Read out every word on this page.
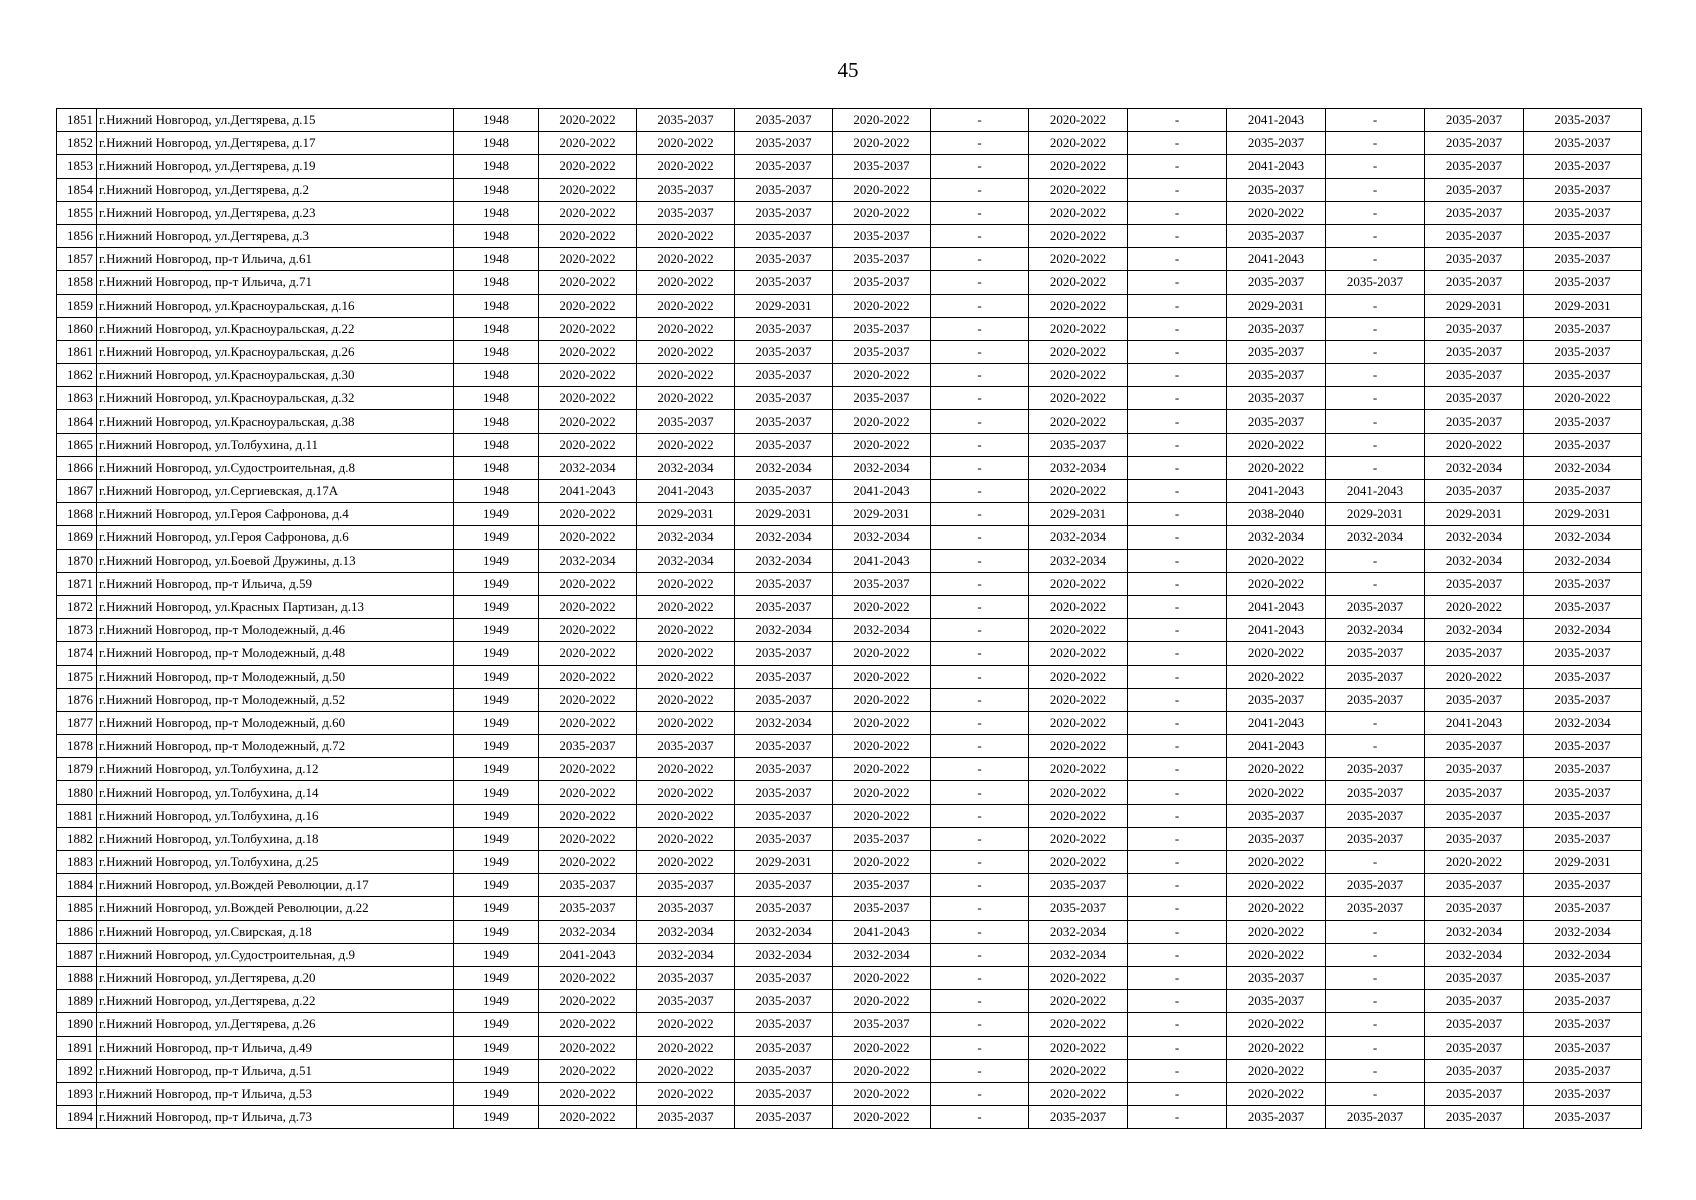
45
1851	г.Нижний Новгород, ул.Дегтярева, д.15	1948	2020-2022	2035-2037	2035-2037	2020-2022	-	2020-2022	-	2041-2043	-	2035-2037	2035-2037
1852	г.Нижний Новгород, ул.Дегтярева, д.17	1948	2020-2022	2020-2022	2035-2037	2020-2022	-	2020-2022	-	2035-2037	-	2035-2037	2035-2037
1853	г.Нижний Новгород, ул.Дегтярева, д.19	1948	2020-2022	2020-2022	2035-2037	2035-2037	-	2020-2022	-	2041-2043	-	2035-2037	2035-2037
1854	г.Нижний Новгород, ул.Дегтярева, д.2	1948	2020-2022	2035-2037	2035-2037	2020-2022	-	2020-2022	-	2035-2037	-	2035-2037	2035-2037
1855	г.Нижний Новгород, ул.Дегтярева, д.23	1948	2020-2022	2035-2037	2035-2037	2020-2022	-	2020-2022	-	2020-2022	-	2035-2037	2035-2037
1856	г.Нижний Новгород, ул.Дегтярева, д.3	1948	2020-2022	2020-2022	2035-2037	2035-2037	-	2020-2022	-	2035-2037	-	2035-2037	2035-2037
1857	г.Нижний Новгород, пр-т Ильича, д.61	1948	2020-2022	2020-2022	2035-2037	2035-2037	-	2020-2022	-	2041-2043	-	2035-2037	2035-2037
1858	г.Нижний Новгород, пр-т Ильича, д.71	1948	2020-2022	2020-2022	2035-2037	2035-2037	-	2020-2022	-	2035-2037	2035-2037	2035-2037	2035-2037
1859	г.Нижний Новгород, ул.Красноуральская, д.16	1948	2020-2022	2020-2022	2029-2031	2020-2022	-	2020-2022	-	2029-2031	-	2029-2031	2029-2031
1860	г.Нижний Новгород, ул.Красноуральская, д.22	1948	2020-2022	2020-2022	2035-2037	2035-2037	-	2020-2022	-	2035-2037	-	2035-2037	2035-2037
1861	г.Нижний Новгород, ул.Красноуральская, д.26	1948	2020-2022	2020-2022	2035-2037	2035-2037	-	2020-2022	-	2035-2037	-	2035-2037	2035-2037
1862	г.Нижний Новгород, ул.Красноуральская, д.30	1948	2020-2022	2020-2022	2035-2037	2020-2022	-	2020-2022	-	2035-2037	-	2035-2037	2035-2037
1863	г.Нижний Новгород, ул.Красноуральская, д.32	1948	2020-2022	2020-2022	2035-2037	2035-2037	-	2020-2022	-	2035-2037	-	2035-2037	2020-2022
1864	г.Нижний Новгород, ул.Красноуральская, д.38	1948	2020-2022	2035-2037	2035-2037	2020-2022	-	2020-2022	-	2035-2037	-	2035-2037	2035-2037
1865	г.Нижний Новгород, ул.Толбухина, д.11	1948	2020-2022	2020-2022	2035-2037	2020-2022	-	2035-2037	-	2020-2022	-	2020-2022	2035-2037
1866	г.Нижний Новгород, ул.Судостроительная, д.8	1948	2032-2034	2032-2034	2032-2034	2032-2034	-	2032-2034	-	2020-2022	-	2032-2034	2032-2034
1867	г.Нижний Новгород, ул.Сергиевская, д.17А	1948	2041-2043	2041-2043	2035-2037	2041-2043	-	2020-2022	-	2041-2043	2041-2043	2035-2037	2035-2037
1868	г.Нижний Новгород, ул.Героя Сафронова, д.4	1949	2020-2022	2029-2031	2029-2031	2029-2031	-	2029-2031	-	2038-2040	2029-2031	2029-2031	2029-2031
1869	г.Нижний Новгород, ул.Героя Сафронова, д.6	1949	2020-2022	2032-2034	2032-2034	2032-2034	-	2032-2034	-	2032-2034	2032-2034	2032-2034	2032-2034
1870	г.Нижний Новгород, ул.Боевой Дружины, д.13	1949	2032-2034	2032-2034	2032-2034	2041-2043	-	2032-2034	-	2020-2022	-	2032-2034	2032-2034
1871	г.Нижний Новгород, пр-т Ильича, д.59	1949	2020-2022	2020-2022	2035-2037	2035-2037	-	2020-2022	-	2020-2022	-	2035-2037	2035-2037
1872	г.Нижний Новгород, ул.Красных Партизан, д.13	1949	2020-2022	2020-2022	2035-2037	2020-2022	-	2020-2022	-	2041-2043	2035-2037	2020-2022	2035-2037
1873	г.Нижний Новгород, пр-т Молодежный, д.46	1949	2020-2022	2020-2022	2032-2034	2032-2034	-	2020-2022	-	2041-2043	2032-2034	2032-2034	2032-2034
1874	г.Нижний Новгород, пр-т Молодежный, д.48	1949	2020-2022	2020-2022	2035-2037	2020-2022	-	2020-2022	-	2020-2022	2035-2037	2035-2037	2035-2037
1875	г.Нижний Новгород, пр-т Молодежный, д.50	1949	2020-2022	2020-2022	2035-2037	2020-2022	-	2020-2022	-	2020-2022	2035-2037	2020-2022	2035-2037
1876	г.Нижний Новгород, пр-т Молодежный, д.52	1949	2020-2022	2020-2022	2035-2037	2020-2022	-	2020-2022	-	2035-2037	2035-2037	2035-2037	2035-2037
1877	г.Нижний Новгород, пр-т Молодежный, д.60	1949	2020-2022	2020-2022	2032-2034	2020-2022	-	2020-2022	-	2041-2043	-	2041-2043	2032-2034
1878	г.Нижний Новгород, пр-т Молодежный, д.72	1949	2035-2037	2035-2037	2035-2037	2020-2022	-	2020-2022	-	2041-2043	-	2035-2037	2035-2037
1879	г.Нижний Новгород, ул.Толбухина, д.12	1949	2020-2022	2020-2022	2035-2037	2020-2022	-	2020-2022	-	2020-2022	2035-2037	2035-2037	2035-2037
1880	г.Нижний Новгород, ул.Толбухина, д.14	1949	2020-2022	2020-2022	2035-2037	2020-2022	-	2020-2022	-	2020-2022	2035-2037	2035-2037	2035-2037
1881	г.Нижний Новгород, ул.Толбухина, д.16	1949	2020-2022	2020-2022	2035-2037	2020-2022	-	2020-2022	-	2035-2037	2035-2037	2035-2037	2035-2037
1882	г.Нижний Новгород, ул.Толбухина, д.18	1949	2020-2022	2020-2022	2035-2037	2035-2037	-	2020-2022	-	2035-2037	2035-2037	2035-2037	2035-2037
1883	г.Нижний Новгород, ул.Толбухина, д.25	1949	2020-2022	2020-2022	2029-2031	2020-2022	-	2020-2022	-	2020-2022	-	2020-2022	2029-2031
1884	г.Нижний Новгород, ул.Вождей Революции, д.17	1949	2035-2037	2035-2037	2035-2037	2035-2037	-	2035-2037	-	2020-2022	2035-2037	2035-2037	2035-2037
1885	г.Нижний Новгород, ул.Вождей Революции, д.22	1949	2035-2037	2035-2037	2035-2037	2035-2037	-	2035-2037	-	2020-2022	2035-2037	2035-2037	2035-2037
1886	г.Нижний Новгород, ул.Свирская, д.18	1949	2032-2034	2032-2034	2032-2034	2041-2043	-	2032-2034	-	2020-2022	-	2032-2034	2032-2034
1887	г.Нижний Новгород, ул.Судостроительная, д.9	1949	2041-2043	2032-2034	2032-2034	2032-2034	-	2032-2034	-	2020-2022	-	2032-2034	2032-2034
1888	г.Нижний Новгород, ул.Дегтярева, д.20	1949	2020-2022	2035-2037	2035-2037	2020-2022	-	2020-2022	-	2035-2037	-	2035-2037	2035-2037
1889	г.Нижний Новгород, ул.Дегтярева, д.22	1949	2020-2022	2035-2037	2035-2037	2020-2022	-	2020-2022	-	2035-2037	-	2035-2037	2035-2037
1890	г.Нижний Новгород, ул.Дегтярева, д.26	1949	2020-2022	2020-2022	2035-2037	2035-2037	-	2020-2022	-	2020-2022	-	2035-2037	2035-2037
1891	г.Нижний Новгород, пр-т Ильича, д.49	1949	2020-2022	2020-2022	2035-2037	2020-2022	-	2020-2022	-	2020-2022	-	2035-2037	2035-2037
1892	г.Нижний Новгород, пр-т Ильича, д.51	1949	2020-2022	2020-2022	2035-2037	2020-2022	-	2020-2022	-	2020-2022	-	2035-2037	2035-2037
1893	г.Нижний Новгород, пр-т Ильича, д.53	1949	2020-2022	2020-2022	2035-2037	2020-2022	-	2020-2022	-	2020-2022	-	2035-2037	2035-2037
1894	г.Нижний Новгород, пр-т Ильича, д.73	1949	2020-2022	2035-2037	2035-2037	2020-2022	-	2035-2037	-	2035-2037	2035-2037	2035-2037	2035-2037
